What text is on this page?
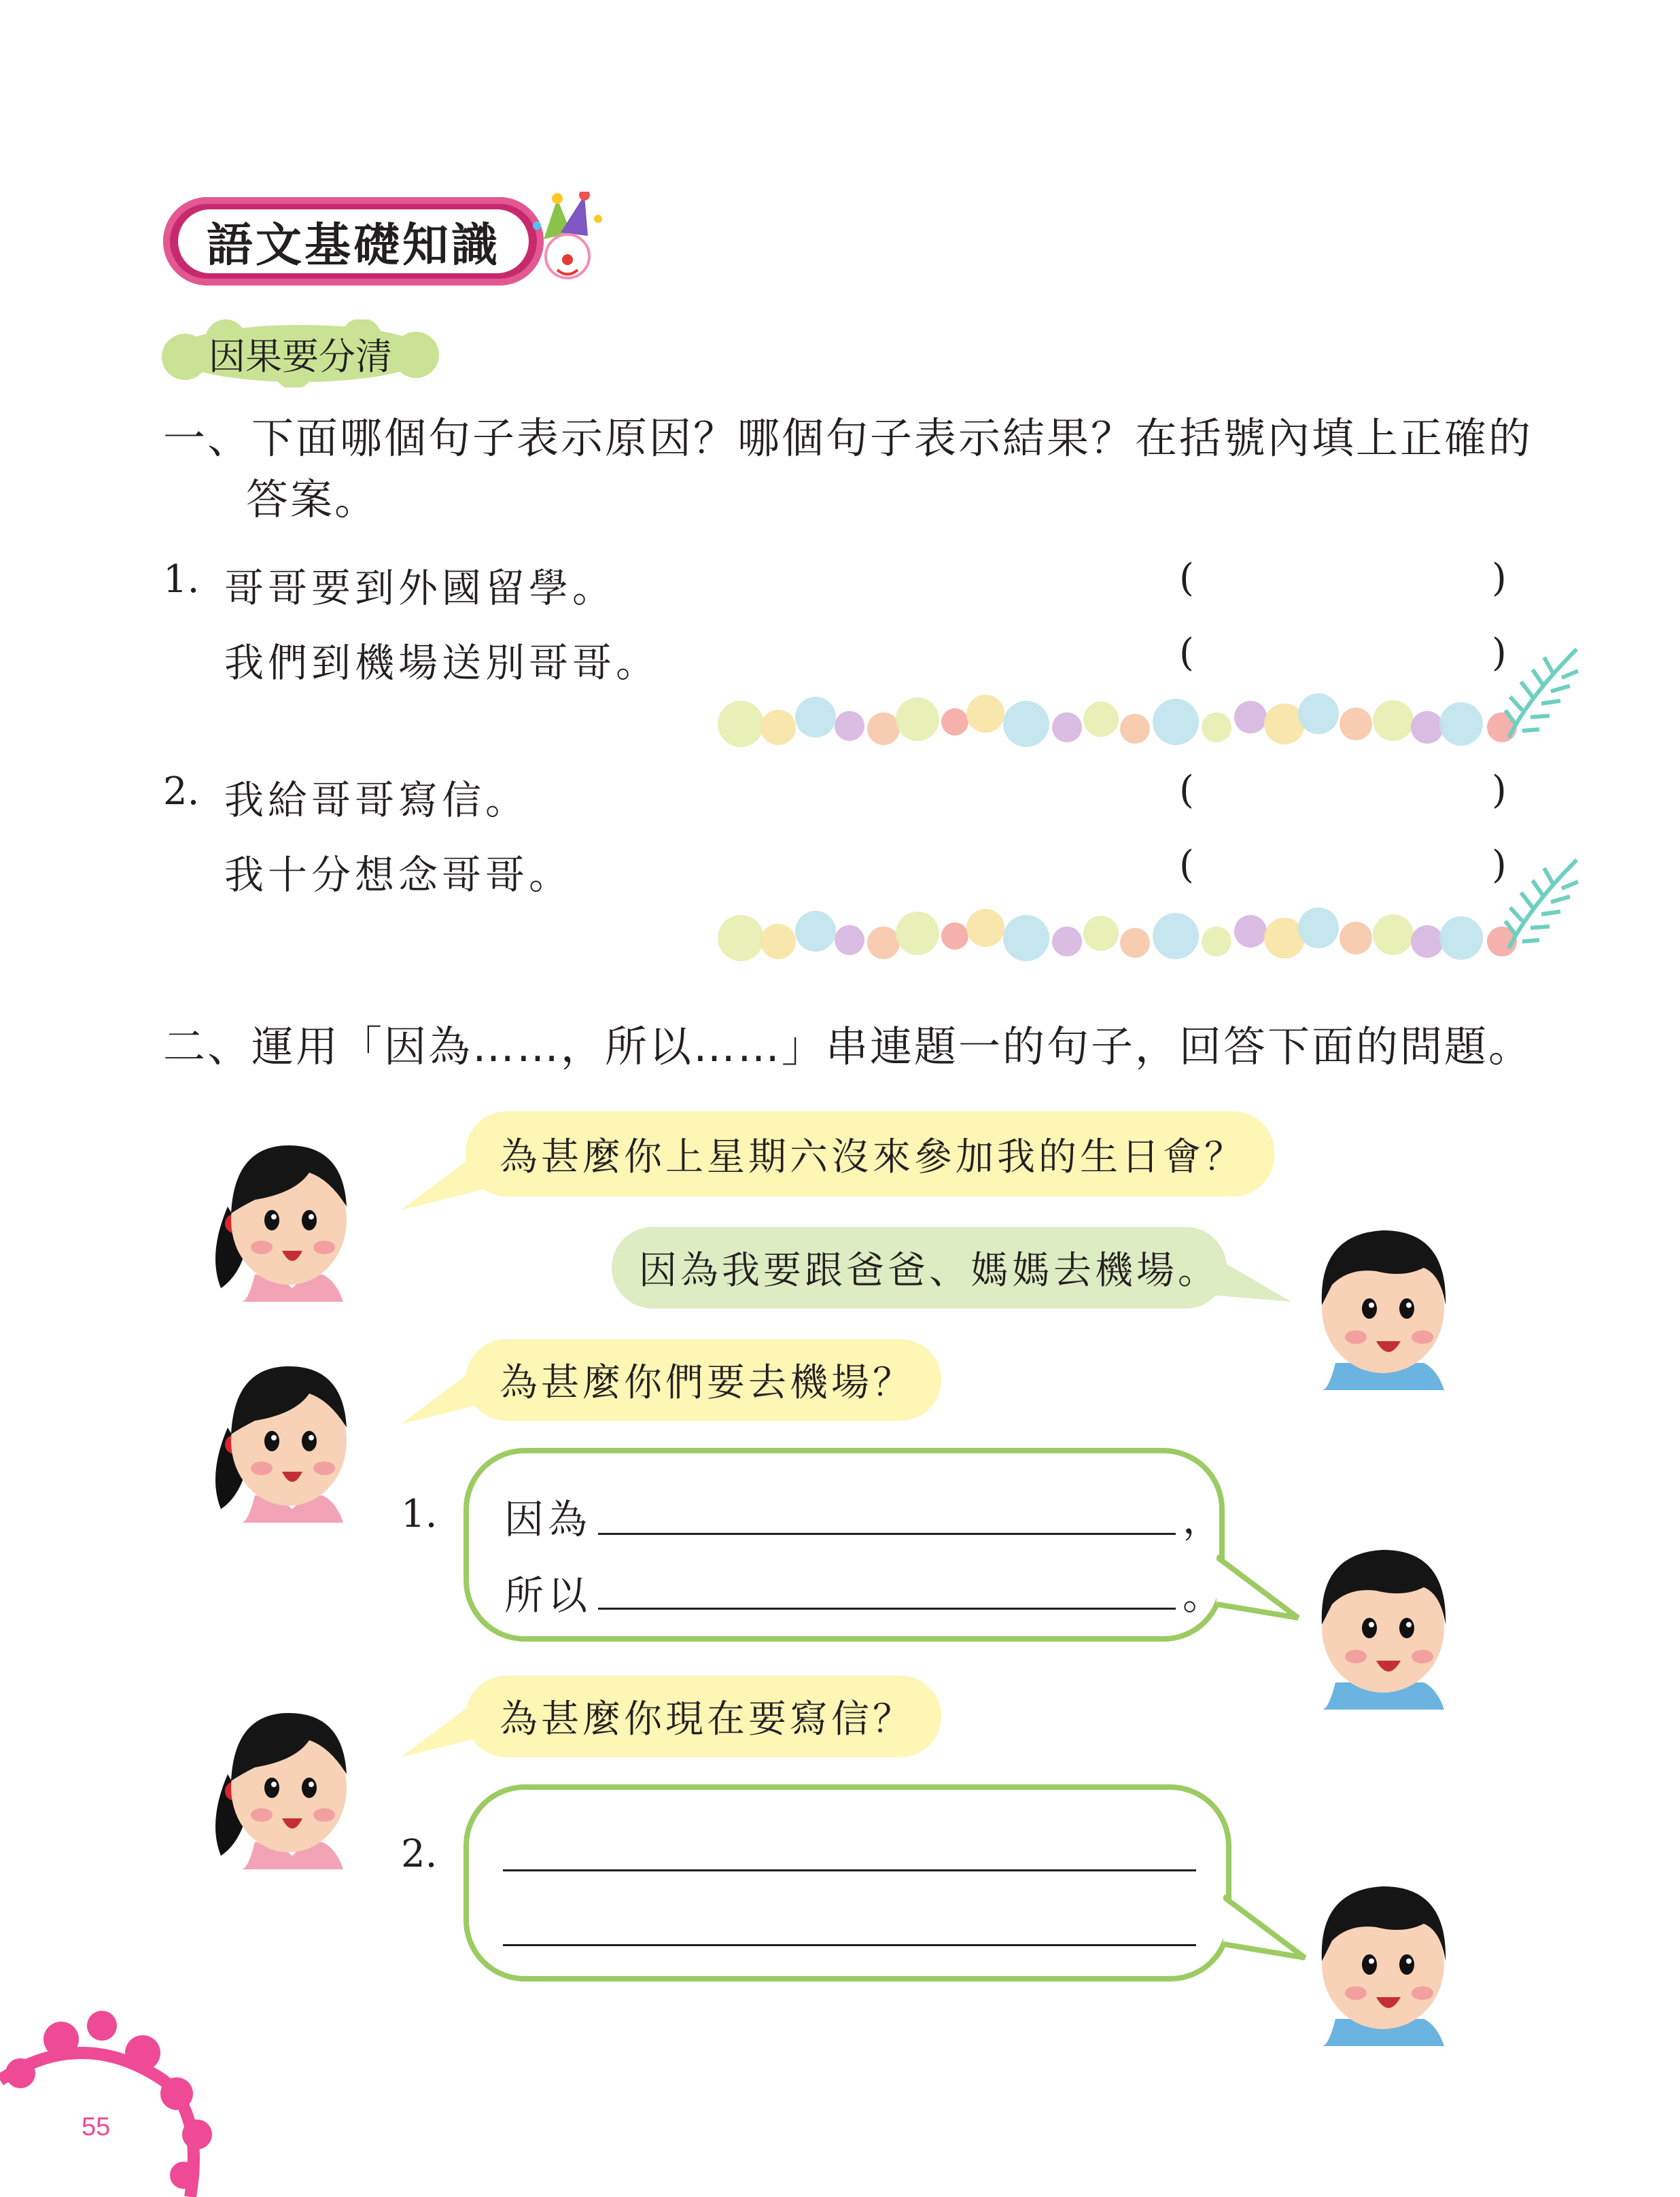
語文基礎知識
因果要分清
一、下面哪個句子表示原因？哪個句子表示結果？在括號內填上正確的
答案。
1. 哥哥要到外國留學。	(	)
我們到機場送別哥哥。	(	)
2. 我給哥哥寫信。	(	)
我十分想念哥哥。	(	)
二、運用「因為……，所以……」串連題一的句子，回答下面的問題。
為甚麼你上星期六沒來參加我的生日會？
因為我要跟爸爸、媽媽去機場。
為甚麼你們要去機場？
1. 因為	，
所以	。
為甚麼你現在要寫信？
2.
55
